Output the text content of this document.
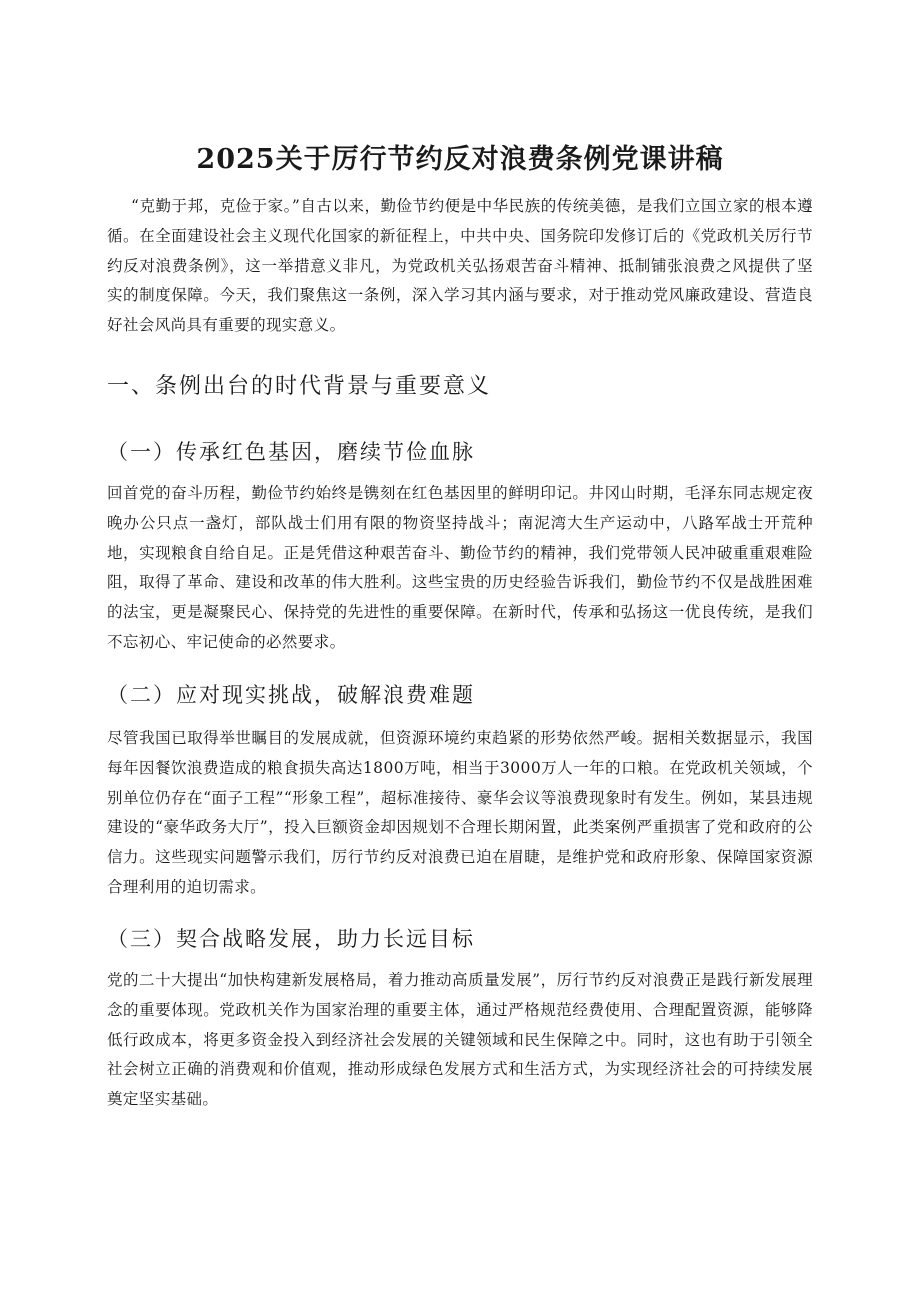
2025关于厉行节约反对浪费条例党课讲稿

“克勤于邦，克俭于家。”自古以来，勤俭节约便是中华民族的传统美德，是我们立国立家的根本遵循。在全面建设社会主义现代化国家的新征程上，中共中央、国务院印发修订后的《党政机关厉行节约反对浪费条例》，这一举措意义非凡，为党政机关弘扬艰苦奋斗精神、抵制铺张浪费之风提供了坚实的制度保障。今天，我们聚焦这一条例，深入学习其内涵与要求，对于推动党风廉政建设、营造良好社会风尚具有重要的现实意义。

一、条例出台的时代背景与重要意义
（一）传承红色基因，磨续节俭血脉

回首党的奋斗历程，勤俭节约始终是镌刻在红色基因里的鲜明印记。井冈山时期，毛泽东同志规定夜晚办公只点一盏灯，部队战士们用有限的物资坚持战斗；南泥湾大生产运动中，八路军战士开荒种地，实现粮食自给自足。正是凭借这种艰苦奋斗、勤俭节约的精神，我们党带领人民冲破重重艰难险阻，取得了革命、建设和改革的伟大胜利。这些宝贵的历史经验告诉我们，勤俭节约不仅是战胜困难的法宝，更是凝聚民心、保持党的先进性的重要保障。在新时代，传承和弘扬这一优良传统，是我们不忘初心、牢记使命的必然要求。

（二）应对现实挑战，破解浪费难题

尽管我国已取得举世瞩目的发展成就，但资源环境约束趋紧的形势依然严峻。据相关数据显示，我国每年因餐饮浪费造成的粮食损失高达1800万吨，相当于3000万人一年的口粮。在党政机关领域，个别单位仍存在“面子工程”“形象工程”，超标准接待、豪华会议等浪费现象时有发生。例如，某县违规建设的“豪华政务大厅”，投入巨额资金却因规划不合理长期闲置，此类案例严重损害了党和政府的公信力。这些现实问题警示我们，厉行节约反对浪费已迫在眉睫，是维护党和政府形象、保障国家资源合理利用的迫切需求。

（三）契合战略发展，助力长远目标

党的二十大提出“加快构建新发展格局，着力推动高质量发展”，厉行节约反对浪费正是践行新发展理念的重要体现。党政机关作为国家治理的重要主体，通过严格规范经费使用、合理配置资源，能够降低行政成本，将更多资金投入到经济社会发展的关键领域和民生保障之中。同时，这也有助于引领全社会树立正确的消费观和价值观，推动形成绿色发展方式和生活方式，为实现经济社会的可持续发展奠定坚实基础。
